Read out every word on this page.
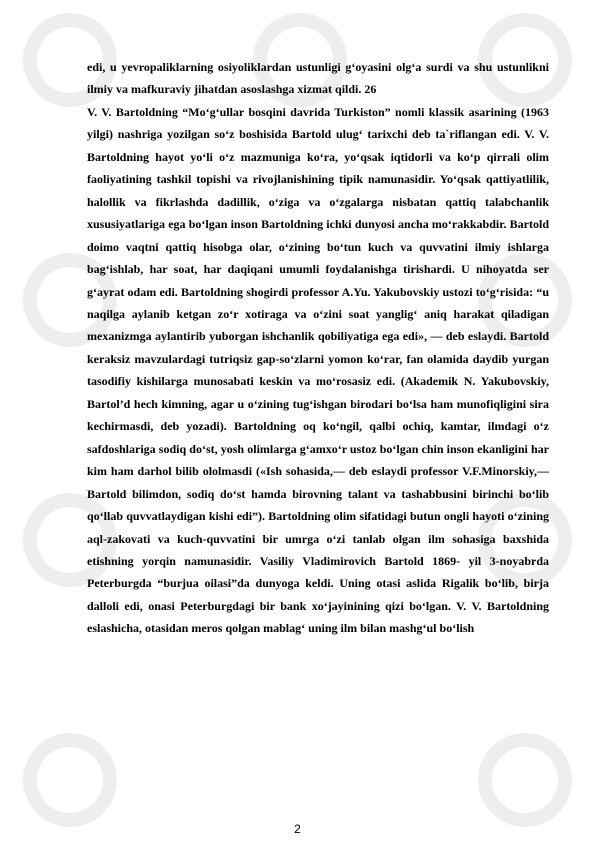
edi, u yevropaliklarning osiyoliklardan ustunligi g‘oyasini olg‘a surdi va shu ustunlikni ilmiy va mafkuraviy jihatdan asoslashga xizmat qildi. 26

V. V. Bartoldning “Mo‘g‘ullar bosqini davrida Turkiston” nomli klassik asarining (1963 yilgi) nashriga yozilgan so‘z boshisida Bartold ulug‘ tarixchi deb ta`riflangan edi. V. V. Bartoldning hayot yo‘li o‘z mazmuniga ko‘ra, yo‘qsak iqtidorli va ko‘p qirrali olim faoliyatining tashkil topishi va rivojlanishining tipik namunasidir. Yo‘qsak qattiyatlilik, halollik va fikrlashda dadillik, o‘ziga va o‘zgalarga nisbatan qattiq talabchanlik xususiyatlariga ega bo‘lgan inson Bartoldning ichki dunyosi ancha mo‘rakkabdir. Bartold doimo vaqtni qattiq hisobga olar, o‘zining bo‘tun kuch va quvvatini ilmiy ishlarga bag‘ishlab, har soat, har daqiqani umumli foydalanishga tirishardi. U nihoyatda ser g‘ayrat odam edi. Bartoldning shogirdi professor A.Yu. Yakubovskiy ustozi to‘g‘risida: “u naqilga aylanib ketgan zo‘r xotiraga va o‘zini soat yanglig‘ aniq harakat qiladigan mexanizmga aylantirib yuborgan ishchanlik qobiliyatiga ega edi», — deb eslaydi. Bartold keraksiz mavzulardagi tutriqsiz gap-so‘zlarni yomon ko‘rar, fan olamida daydib yurgan tasodifiy kishilarga munosabati keskin va mo‘rosasiz edi. (Akademik N. Yakubovskiy, Bartol’d hech kimning, agar u o‘zining tug‘ishgan birodari bo‘lsa ham munofiqligini sira kechirmasdi, deb yozadi). Bartoldning oq ko‘ngil, qalbi ochiq, kamtar, ilmdagi o‘z safdoshlariga sodiq do‘st, yosh olimlarga g‘amxo‘r ustoz bo‘lgan chin inson ekanligini har kim ham darhol bilib ololmasdi («Ish sohasida,— deb eslaydi professor V.F.Minorskiy,— Bartold bilimdon, sodiq do‘st hamda birovning talant va tashabbusini birinchi bo‘lib qo‘llab quvvatlaydigan kishi edi”). Bartoldning olim sifatidagi butun ongli hayoti o‘zining aql-zakovati va kuch-quvvatini bir umrga o‘zi tanlab olgan ilm sohasiga baxshida etishning yorqin namunasidir. Vasiliy Vladimirovich Bartold 1869- yil 3-noyabrda Peterburgda “burjua oilasi”da dunyoga keldi. Uning otasi aslida Rigalik bo‘lib, birja dalloli edi, onasi Peterburgdagi bir bank xo‘jayinining qizi bo‘lgan. V. V. Bartoldning eslashicha, otasidan meros qolgan mablag‘ uning ilm bilan mashg‘ul bo‘lish

2
